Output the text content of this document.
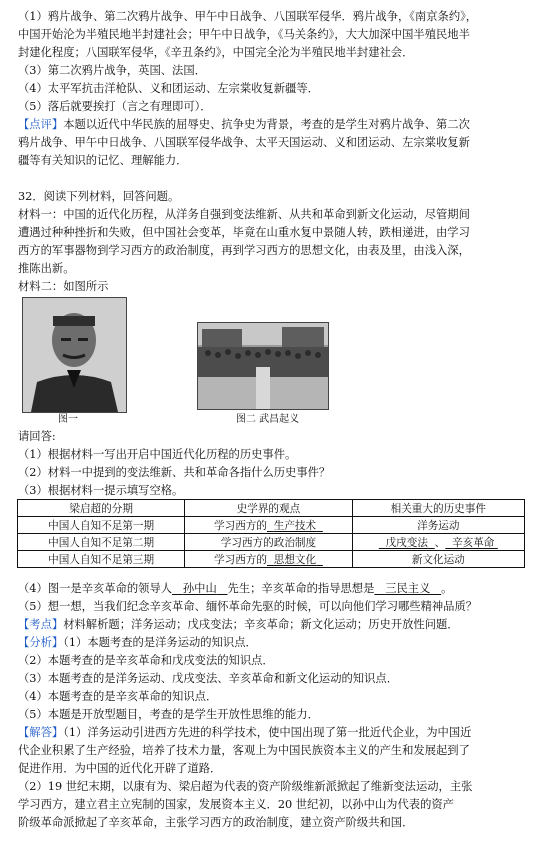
（1）鸦片战争、第二次鸦片战争、甲午中日战争、八国联军侵华．鸦片战争，《南京条约》，
中国开始沦为半殖民地半封建社会；甲午中日战争，《马关条约》，大大加深中国半殖民地半
封建化程度；八国联军侵华，《辛丑条约》，中国完全沦为半殖民地半封建社会．
（3）第二次鸦片战争，英国、法国．
（4）太平军抗击洋枪队、义和团运动、左宗棠收复新疆等．
（5）落后就要挨打（言之有理即可）．
【点评】本题以近代中华民族的屈辱史、抗争史为背景，考查的是学生对鸦片战争、第二次
鸦片战争、甲午中日战争、八国联军侵华战争、太平天国运动、义和团运动、左宗棠收复新
疆等有关知识的记忆、理解能力．
32．阅读下列材料，回答问题。
材料一：中国的近代化历程，从洋务自强到变法维新、从共和革命到新文化运动，尽管期间
遭遇过种种挫折和失败，但中国社会变革，毕竟在山重水复中景随人转，跌相递进，由学习
西方的军事器物到学习西方的政治制度，再到学习西方的思想文化，由表及里，由浅入深，
推陈出新。
材料二：如图所示
图一	图二 武昌起义
请回答:
（1）根据材料一写出开启中国近代化历程的历史事件。
（2）材料一中提到的变法维新、共和革命各指什么历史事件？
（3）根据材料一提示填写空格。
梁启超的分期	史学界的观点	相关重大的历史事件
中国人自知不足第一期	学习西方的 生产技术	洋务运动
中国人自知不足第二期	学习西方的政治制度	戊戌变法 、 辛亥革命
中国人自知不足第三期	学习西方的 思想文化	新文化运动
（4）图一是辛亥革命的领导人 孙中山 先生；辛亥革命的指导思想是 三民主义 。
（5）想一想，当我们纪念辛亥革命、缅怀革命先驱的时候，可以向他们学习哪些精神品质？
【考点】材料解析题；洋务运动；戊戌变法；辛亥革命；新文化运动；历史开放性问题．
【分析】（1）本题考查的是洋务运动的知识点．
（2）本题考查的是辛亥革命和戊戌变法的知识点．
（3）本题考查的是洋务运动、戊戌变法、辛亥革命和新文化运动的知识点．
（4）本题考查的是辛亥革命的知识点．
（5）本题是开放型题目，考查的是学生开放性思维的能力．
【解答】（1）洋务运动引进西方先进的科学技术，使中国出现了第一批近代企业，为中国近
代企业积累了生产经验，培养了技术力量，客观上为中国民族资本主义的产生和发展起到了
促进作用．为中国的近代化开辟了道路．
（2）19 世纪末期，以康有为、梁启超为代表的资产阶级维新派掀起了维新变法运动，主张
学习西方，建立君主立宪制的国家，发展资本主义．20 世纪初，以孙中山为代表的资产
阶级革命派掀起了辛亥革命，主张学习西方的政治制度，建立资产阶级共和国．
